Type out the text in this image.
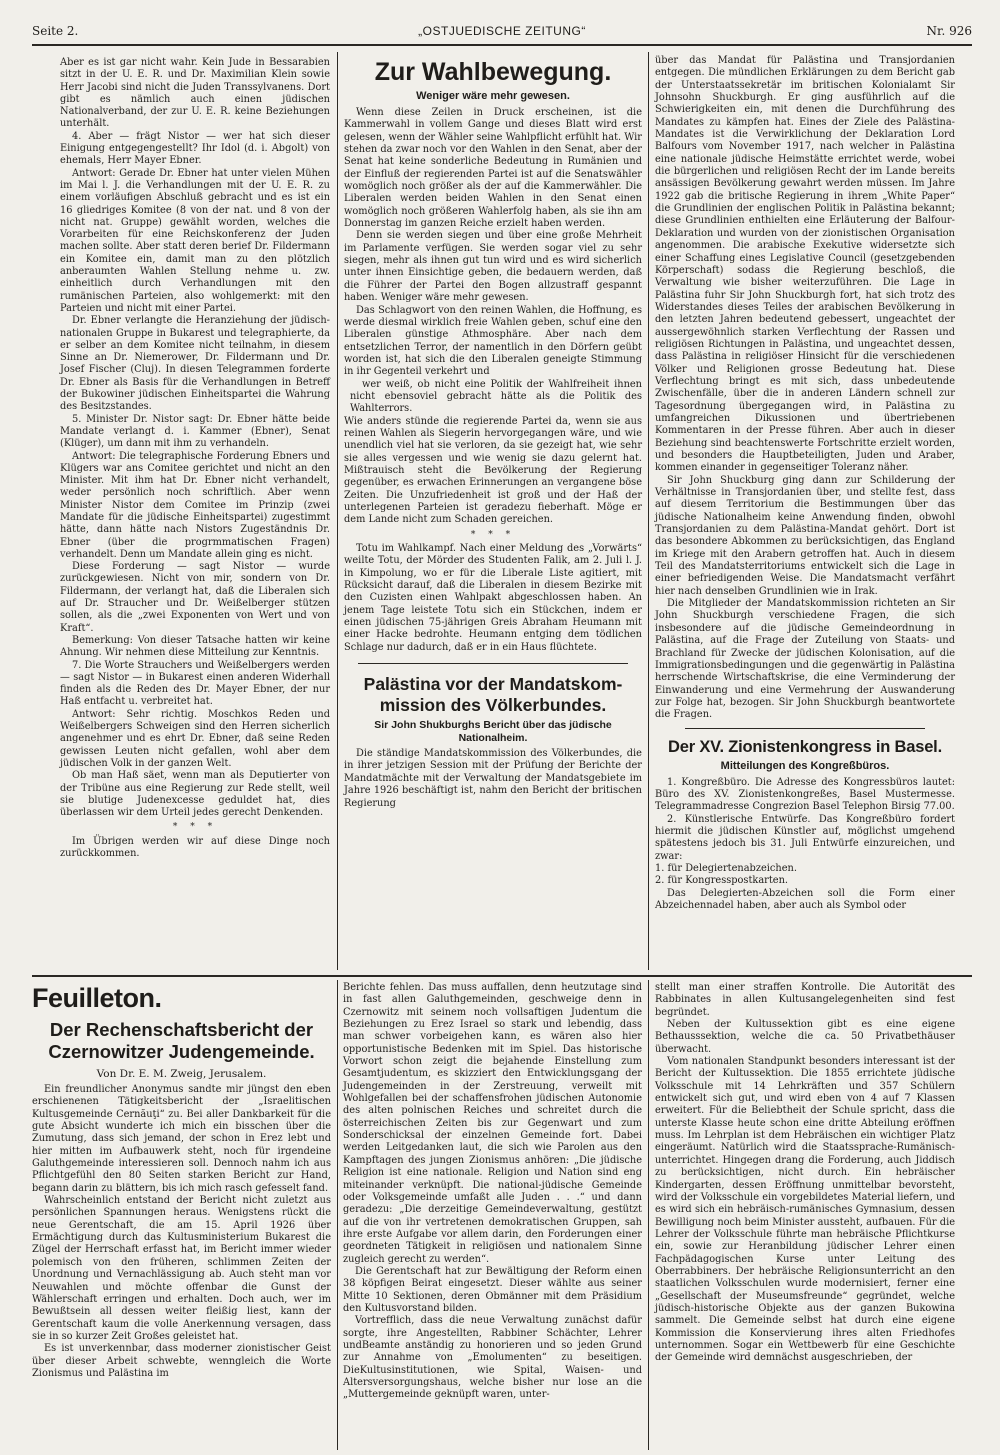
Seite 2.	„OSTJUEDISCHE ZEITUNG“	Nr. 926

Aber es ist gar nicht wahr. Kein Jude in Bessarabien sitzt in der U. E. R. und Dr. Maximilian Klein sowie Herr Jacobi sind nicht die Juden Transsylvanens. Dort gibt es nämlich auch einen jüdischen Nationalverband, der zur U. E. R. keine Beziehungen unterhält.

4. Aber — frägt Nistor — wer hat sich dieser Einigung entgegengestellt? Ihr Idol (d. i. Abgolt) von ehemals, Herr Mayer Ebner.

Antwort: Gerade Dr. Ebner hat unter vielen Mühen im Mai l. J. die Verhandlungen mit der U. E. R. zu einem vorläufigen Abschluß gebracht und es ist ein 16 gliedriges Komitee (8 von der nat. und 8 von der nicht nat. Gruppe) gewählt worden, welches die Vorarbeiten für eine Reichskonferenz der Juden machen sollte. Aber statt deren berief Dr. Fildermann ein Komitee ein, damit man zu den plötzlich anberaumten Wahlen Stellung nehme u. zw. einheitlich durch Verhandlungen mit den rumänischen Parteien, also wohlgemerkt: mit den Parteien und nicht mit einer Partei.

Dr. Ebner verlangte die Heranziehung der jüdisch-nationalen Gruppe in Bukarest und telegraphierte, da er selber an dem Komitee nicht teilnahm, in diesem Sinne an Dr. Niemerower, Dr. Fildermann und Dr. Josef Fischer (Cluj). In diesen Telegrammen forderte Dr. Ebner als Basis für die Verhandlungen in Betreff der Bukowiner jüdischen Einheitspartei die Wahrung des Besitzstandes.

5. Minister Dr. Nistor sagt: Dr. Ebner hätte beide Mandate verlangt d. i. Kammer (Ebner), Senat (Klüger), um dann mit ihm zu verhandeln.

Antwort: Die telegraphische Forderung Ebners und Klügers war ans Comitee gerichtet und nicht an den Minister. Mit ihm hat Dr. Ebner nicht verhandelt, weder persönlich noch schriftlich. Aber wenn Minister Nistor dem Comitee im Prinzip (zwei Mandate für die jüdische Einheitspartei) zugestimmt hätte, dann hätte nach Nistors Zugeständnis Dr. Ebner (über die progrmmatischen Fragen) verhandelt. Denn um Mandate allein ging es nicht.

Diese Forderung — sagt Nistor — wurde zurückgewiesen. Nicht von mir, sondern von Dr. Fildermann, der verlangt hat, daß die Liberalen sich auf Dr. Straucher und Dr. Weißelberger stützen sollen, als die „zwei Exponenten von Wert und von Kraft“.

Bemerkung: Von dieser Tatsache hatten wir keine Ahnung. Wir nehmen diese Mitteilung zur Kenntnis.

7. Die Worte Strauchers und Weißelbergers werden — sagt Nistor — in Bukarest einen anderen Widerhall finden als die Reden des Dr. Mayer Ebner, der nur Haß entfacht u. verbreitet hat.

Antwort: Sehr richtig. Moschkos Reden und Weißelbergers Schweigen sind den Herren sicherlich angenehmer und es ehrt Dr. Ebner, daß seine Reden gewissen Leuten nicht gefallen, wohl aber dem jüdischen Volk in der ganzen Welt.

Ob man Haß säet, wenn man als Deputierter von der Tribüne aus eine Regierung zur Rede stellt, weil sie blutige Judenexcesse geduldet hat, dies überlassen wir dem Urteil jedes gerecht Denkenden.

* * *

Im Übrigen werden wir auf diese Dinge noch zurückkommen.

Zur Wahlbewegung.
Weniger wäre mehr gewesen.

Wenn diese Zeilen in Druck erscheinen, ist die Kammerwahl in vollem Gange und dieses Blatt wird erst gelesen, wenn der Wähler seine Wahlpflicht erfühlt hat. Wir stehen da zwar noch vor den Wahlen in den Senat, aber der Senat hat keine sonderliche Bedeutung in Rumänien und der Einfluß der regierenden Partei ist auf die Senatswähler womöglich noch größer als der auf die Kammerwähler. Die Liberalen werden beiden Wahlen in den Senat einen womöglich noch größeren Wahlerfolg haben, als sie ihn am Donnerstag im ganzen Reiche erzielt haben werden.

Denn sie werden siegen und über eine große Mehrheit im Parlamente verfügen. Sie werden sogar viel zu sehr siegen, mehr als ihnen gut tun wird und es wird sicherlich unter ihnen Einsichtige geben, die bedauern werden, daß die Führer der Partei den Bogen allzustraff gespannt haben. Weniger wäre mehr gewesen.

Das Schlagwort von den reinen Wahlen, die Hoffnung, es werde diesmal wirklich freie Wahlen geben, schuf eine den Liberalen günstige Athmosphäre. Aber nach dem entsetzlichen Terror, der namentlich in den Dörfern geübt worden ist, hat sich die den Liberalen geneigte Stimmung in ihr Gegenteil verkehrt und

wer weiß, ob nicht eine Politik der Wahlfreiheit ihnen nicht ebensoviel gebracht hätte als die Politik des Wahlterrors.

Wie anders stünde die regierende Partei da, wenn sie aus reinen Wahlen als Siegerin hervorgegangen wäre, und wie unendlich viel hat sie verloren, da sie gezeigt hat, wie sehr sie alles vergessen und wie wenig sie dazu gelernt hat. Mißtrauisch steht die Bevölkerung der Regierung gegenüber, es erwachen Erinnerungen an vergangene böse Zeiten. Die Unzufriedenheit ist groß und der Haß der unterlegenen Parteien ist geradezu fieberhaft. Möge er dem Lande nicht zum Schaden gereichen.

* * *

Totu im Wahlkampf. Nach einer Meldung des „Vorwärts“ weilte Totu, der Mörder des Studenten Falik, am 2. Juli l. J. in Kimpolung, wo er für die Liberale Liste agitiert, mit Rücksicht darauf, daß die Liberalen in diesem Bezirke mit den Cuzisten einen Wahlpakt abgeschlossen haben. An jenem Tage leistete Totu sich ein Stückchen, indem er einen jüdischen 75-jährigen Greis Abraham Heumann mit einer Hacke bedrohte. Heumann entging dem tödlichen Schlage nur dadurch, daß er in ein Haus flüchtete.

Palästina vor der Mandatskom-
mission des Völkerbundes.
Sir John Shukburghs Bericht über das jüdische Nationalheim.

Die ständige Mandatskommission des Völkerbundes, die in ihrer jetzigen Session mit der Prüfung der Berichte der Mandatmächte mit der Verwaltung der Mandatsgebiete im Jahre 1926 beschäftigt ist, nahm den Bericht der britischen Regierung

über das Mandat für Palästina und Transjordanien entgegen. Die mündlichen Erklärungen zu dem Bericht gab der Unterstaatssekretär im britischen Kolonialamt Sir Johnsohn Shuckburgh. Er ging ausführlich auf die Schwierigkeiten ein, mit denen die Durchführung des Mandates zu kämpfen hat. Eines der Ziele des Palästina-Mandates ist die Verwirklichung der Deklaration Lord Balfours vom November 1917, nach welcher in Palästina eine nationale jüdische Heimstätte errichtet werde, wobei die bürgerlichen und religiösen Recht der im Lande bereits ansässigen Bevölkerung gewahrt werden müssen. Im Jahre 1922 gab die britische Regierung in ihrem „White Paper“ die Grundlinien der englischen Politik in Palästina bekannt; diese Grundlinien enthielten eine Erläuterung der Balfour-Deklaration und wurden von der zionistischen Organisation angenommen. Die arabische Exekutive widersetzte sich einer Schaffung eines Legislative Council (gesetzgebenden Körperschaft) sodass die Regierung beschloß, die Verwaltung wie bisher weiterzuführen. Die Lage in Palästina fuhr Sir John Shuckburgh fort, hat sich trotz des Widerstandes dieses Teiles der arabischen Bevölkerung in den letzten Jahren bedeutend gebessert, ungeachtet der aussergewöhnlich starken Verflechtung der Rassen und religiösen Richtungen in Palästina, und ungeachtet dessen, dass Palästina in religiöser Hinsicht für die verschiedenen Völker und Religionen grosse Bedeutung hat. Diese Verflechtung bringt es mit sich, dass unbedeutende Zwischenfälle, über die in anderen Ländern schnell zur Tagesordnung übergegangen wird, in Palästina zu umfangreichen Dikussionen und übertriebenen Kommentaren in der Presse führen. Aber auch in dieser Beziehung sind beachtenswerte Fortschritte erzielt worden, und besonders die Hauptbeteiligten, Juden und Araber, kommen einander in gegenseitiger Toleranz näher.

Sir John Shuckburg ging dann zur Schilderung der Verhältnisse in Transjordanien über, und stellte fest, dass auf diesem Territorium die Bestimmungen über das jüdische Nationalheim keine Anwendung finden, obwohl Transjordanien zu dem Palästina-Mandat gehört. Dort ist das besondere Abkommen zu berücksichtigen, das England im Kriege mit den Arabern getroffen hat. Auch in diesem Teil des Mandatsterritoriums entwickelt sich die Lage in einer befriedigenden Weise. Die Mandatsmacht verfährt hier nach denselben Grundlinien wie in Irak.

Die Mitglieder der Mandatskommission richteten an Sir John Shuckburgh verschiedene Fragen, die sich insbesondere auf die jüdische Gemeindeordnung in Palästina, auf die Frage der Zuteilung von Staats- und Brachland für Zwecke der jüdischen Kolonisation, auf die Immigrationsbedingungen und die gegenwärtig in Palästina herrschende Wirtschaftskrise, die eine Verminderung der Einwanderung und eine Vermehrung der Auswanderung zur Folge hat, bezogen. Sir John Shuckburgh beantwortete die Fragen.

Der XV. Zionistenkongress in Basel.
Mitteilungen des Kongreßbüros.

1. Kongreßbüro. Die Adresse des Kongressbüros lautet: Büro des XV. Zionistenkongreßes, Basel Mustermesse. Telegrammadresse Congrezion Basel Telephon Birsig 77.00.

2. Künstlerische Entwürfe. Das Kongreßbüro fordert hiermit die jüdischen Künstler auf, möglichst umgehend spätestens jedoch bis 31. Juli Entwürfe einzureichen, und zwar:

1. für Delegiertenabzeichen.

2. für Kongresspostkarten.

Das Delegierten-Abzeichen soll die Form einer Abzeichennadel haben, aber auch als Symbol oder

Feuilleton.
Der Rechenschaftsbericht der
Czernowitzer Judengemeinde.
Von Dr. E. M. Zweig, Jerusalem.

Ein freundlicher Anonymus sandte mir jüngst den eben erschienenen Tätigkeitsbericht der „Israelitischen Kultusgemeinde Cernăuţi“ zu. Bei aller Dankbarkeit für die gute Absicht wunderte ich mich ein bisschen über die Zumutung, dass sich jemand, der schon in Erez lebt und hier mitten im Aufbauwerk steht, noch für irgendeine Galuthgemeinde interessieren soll. Dennoch nahm ich aus Pflichtgefühl den 80 Seiten starken Bericht zur Hand, begann darin zu blättern, bis ich mich rasch gefesselt fand.

Wahrscheinlich entstand der Bericht nicht zuletzt aus persönlichen Spannungen heraus. Wenigstens rückt die neue Gerentschaft, die am 15. April 1926 über Ermächtigung durch das Kultusministerium Bukarest die Zügel der Herrschaft erfasst hat, im Bericht immer wieder polemisch von den früheren, schlimmen Zeiten der Unordnung und Vernachlässigung ab. Auch steht man vor Neuwahlen und möchte offenbar die Gunst der Wählerschaft erringen und erhalten. Doch auch, wer im Bewußtsein all dessen weiter fleißig liest, kann der Gerentschaft kaum die volle Anerkennung versagen, dass sie in so kurzer Zeit Großes geleistet hat.

Es ist unverkennbar, dass moderner zionistischer Geist über dieser Arbeit schwebte, wenngleich die Worte Zionismus und Palästina im

Berichte fehlen. Das muss auffallen, denn heutzutage sind in fast allen Galuthgemeinden, geschweige denn in Czernowitz mit seinem noch vollsaftigen Judentum die Beziehungen zu Erez Israel so stark und lebendig, dass man schwer vorbeigehen kann, es wären also hier opportunistische Bedenken mit im Spiel. Das historische Vorwort schon zeigt die bejahende Einstellung zum Gesamtjudentum, es skizziert den Entwicklungsgang der Judengemeinden in der Zerstreuung, verweilt mit Wohlgefallen bei der schaffensfrohen jüdischen Autonomie des alten polnischen Reiches und schreitet durch die österreichischen Zeiten bis zur Gegenwart und zum Sonderschicksal der einzelnen Gemeinde fort. Dabei werden Leitgedanken laut, die sich wie Parolen aus den Kampftagen des jungen Zionismus anhören: „Die jüdische Religion ist eine nationale. Religion und Nation sind eng miteinander verknüpft. Die national-jüdische Gemeinde oder Volksgemeinde umfaßt alle Juden . . .“ und dann geradezu: „Die derzeitige Gemeindeverwaltung, gestützt auf die von ihr vertretenen demokratischen Gruppen, sah ihre erste Aufgabe vor allem darin, den Forderungen einer geordneten Tätigkeit in religiösen und nationalem Sinne zugleich gerecht zu werden“.

Die Gerentschaft hat zur Bewältigung der Reform einen 38 köpfigen Beirat eingesetzt. Dieser wählte aus seiner Mitte 10 Sektionen, deren Obmänner mit dem Präsidium den Kultusvorstand bilden.

Vortrefflich, dass die neue Verwaltung zunächst dafür sorgte, ihre Angestellten, Rabbiner Schächter, Lehrer undBeamte anständig zu honorieren und so jeden Grund zur Annahme von „Emolumenten“ zu beseitigen. DieKultusinstitutionen, wie Spital, Waisen- und Altersversorgungshaus, welche bisher nur lose an die „Muttergemeinde geknüpft waren, unter-

stellt man einer straffen Kontrolle. Die Autorität des Rabbinates in allen Kultusangelegenheiten sind fest begründet.

Neben der Kultussektion gibt es eine eigene Bethausssektion, welche die ca. 50 Privatbethäuser überwacht.

Vom nationalen Standpunkt besonders interessant ist der Bericht der Kultussektion. Die 1855 errichtete jüdische Volksschule mit 14 Lehrkräften und 357 Schülern entwickelt sich gut, und wird eben von 4 auf 7 Klassen erweitert. Für die Beliebtheit der Schule spricht, dass die unterste Klasse heute schon eine dritte Abteilung eröffnen muss. Im Lehrplan ist dem Hebräischen ein wichtiger Platz eingeräumt. Natürlich wird die Staatssprache-Rumänisch-unterrichtet. Hingegen drang die Forderung, auch Jiddisch zu berücksichtigen, nicht durch. Ein hebräischer Kindergarten, dessen Eröffnung unmittelbar bevorsteht, wird der Volksschule ein vorgebildetes Material liefern, und es wird sich ein hebräisch-rumänisches Gymnasium, dessen Bewilligung noch beim Minister aussteht, aufbauen. Für die Lehrer der Volksschule führte man hebräische Pflichtkurse ein, sowie zur Heranbildung jüdischer Lehrer einen Fachpädagogischen Kurse unter Leitung des Oberrabbiners. Der hebräische Religionsunterricht an den staatlichen Volksschulen wurde modernisiert, ferner eine „Gesellschaft der Museumsfreunde“ gegründet, welche jüdisch-historische Objekte aus der ganzen Bukowina sammelt. Die Gemeinde selbst hat durch eine eigene Kommission die Konservierung ihres alten Friedhofes unternommen. Sogar ein Wettbewerb für eine Geschichte der Gemeinde wird demnächst ausgeschrieben, der
